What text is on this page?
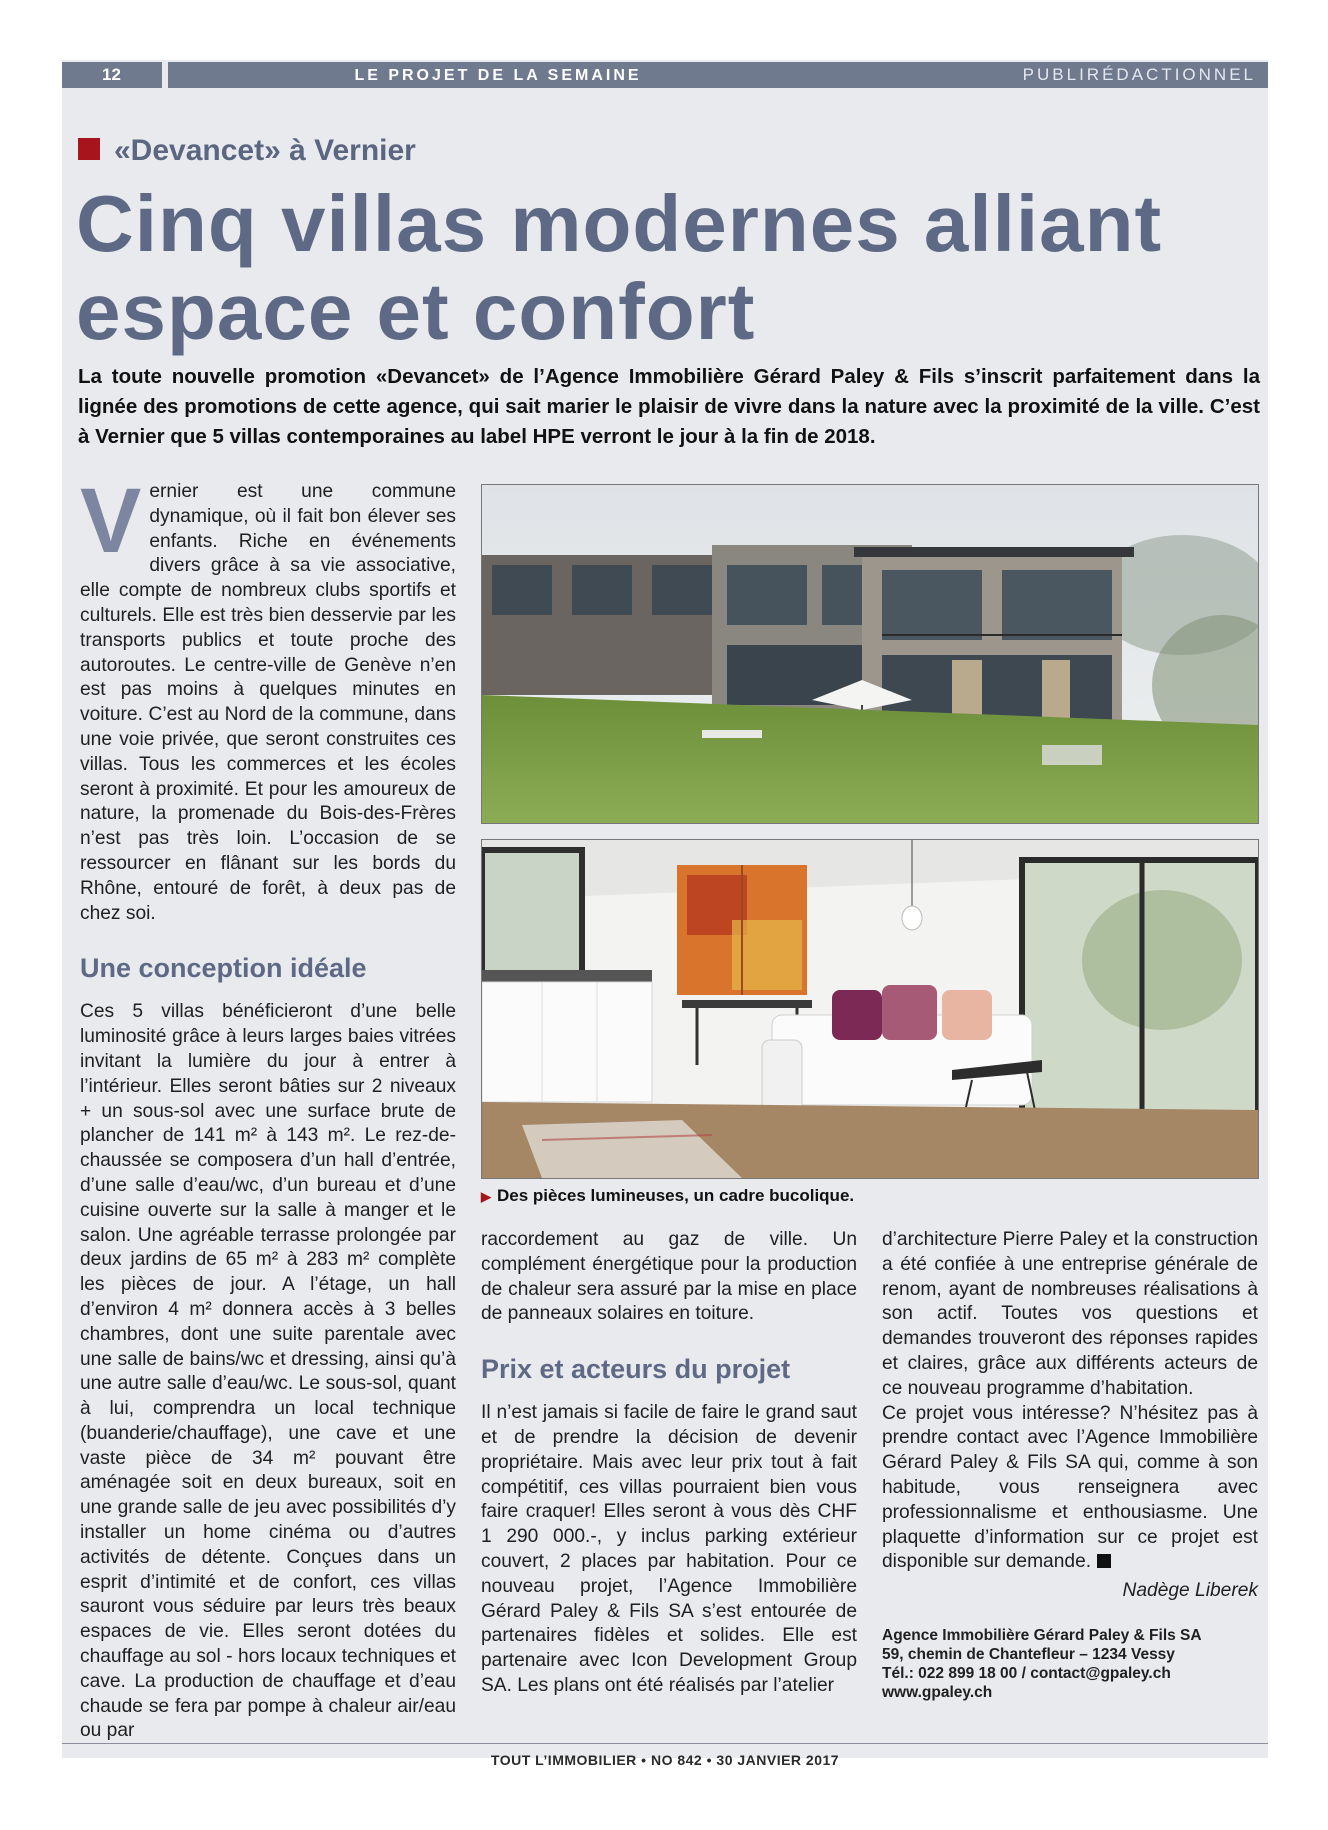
12	LE PROJET DE LA SEMAINE	PUBLIRÉDACTIONNEL
«Devancet» à Vernier
Cinq villas modernes alliant
espace et confort
La toute nouvelle promotion «Devancet» de l’Agence Immobilière Gérard Paley & Fils s’inscrit parfaitement dans la lignée des promotions de cette agence, qui sait marier le plaisir de vivre dans la nature avec la proximité de la ville. C’est à Vernier que 5 villas contemporaines au label HPE verront le jour à la fin de 2018.

Vernier est une commune dynamique, où il fait bon élever ses enfants. Riche en événements divers grâce à sa vie associative, elle compte de nombreux clubs sportifs et culturels. Elle est très bien desservie par les transports publics et toute proche des autoroutes. Le centre-ville de Genève n’en est pas moins à quelques minutes en voiture. C’est au Nord de la commune, dans une voie privée, que seront construites ces villas. Tous les commerces et les écoles seront à proximité. Et pour les amoureux de nature, la promenade du Bois-des-Frères n’est pas très loin. L’occasion de se ressourcer en flânant sur les bords du Rhône, entouré de forêt, à deux pas de chez soi.

Une conception idéale

Ces 5 villas bénéficieront d’une belle luminosité grâce à leurs larges baies vitrées invitant la lumière du jour à entrer à l’intérieur. Elles seront bâties sur 2 niveaux + un sous-sol avec une surface brute de plancher de 141 m² à 143 m². Le rez-de-chaussée se composera d’un hall d’entrée, d’une salle d’eau/wc, d’un bureau et d’une cuisine ouverte sur la salle à manger et le salon. Une agréable terrasse prolongée par deux jardins de 65 m² à 283 m² complète les pièces de jour. A l’étage, un hall d’environ 4 m² donnera accès à 3 belles chambres, dont une suite parentale avec une salle de bains/wc et dressing, ainsi qu’à une autre salle d’eau/wc. Le sous-sol, quant à lui, comprendra un local technique (buanderie/chauffage), une cave et une vaste pièce de 34 m² pouvant être aménagée soit en deux bureaux, soit en une grande salle de jeu avec possibilités d’y installer un home cinéma ou d’autres activités de détente. Conçues dans un esprit d’intimité et de confort, ces villas sauront vous séduire par leurs très beaux espaces de vie. Elles seront dotées du chauffage au sol - hors locaux techniques et cave. La production de chauffage et d’eau chaude se fera par pompe à chaleur air/eau ou par

▶ Des pièces lumineuses, un cadre bucolique.

raccordement au gaz de ville. Un complément énergétique pour la production de chaleur sera assuré par la mise en place de panneaux solaires en toiture.

Prix et acteurs du projet

Il n’est jamais si facile de faire le grand saut et de prendre la décision de devenir propriétaire. Mais avec leur prix tout à fait compétitif, ces villas pourraient bien vous faire craquer! Elles seront à vous dès CHF 1 290 000.-, y inclus parking extérieur couvert, 2 places par habitation. Pour ce nouveau projet, l’Agence Immobilière Gérard Paley & Fils SA s’est entourée de partenaires fidèles et solides. Elle est partenaire avec Icon Development Group SA. Les plans ont été réalisés par l’atelier

d’architecture Pierre Paley et la construction a été confiée à une entreprise générale de renom, ayant de nombreuses réalisations à son actif. Toutes vos questions et demandes trouveront des réponses rapides et claires, grâce aux différents acteurs de ce nouveau programme d’habitation.

Ce projet vous intéresse? N’hésitez pas à prendre contact avec l’Agence Immobilière Gérard Paley & Fils SA qui, comme à son habitude, vous renseignera avec professionnalisme et enthousiasme. Une plaquette d’information sur ce projet est disponible sur demande.

Nadège Liberek
Agence Immobilière Gérard Paley & Fils SA
59, chemin de Chantefleur – 1234 Vessy
Tél.: 022 899 18 00 / contact@gpaley.ch
www.gpaley.ch
TOUT L’IMMOBILIER • NO 842 • 30 JANVIER 2017
